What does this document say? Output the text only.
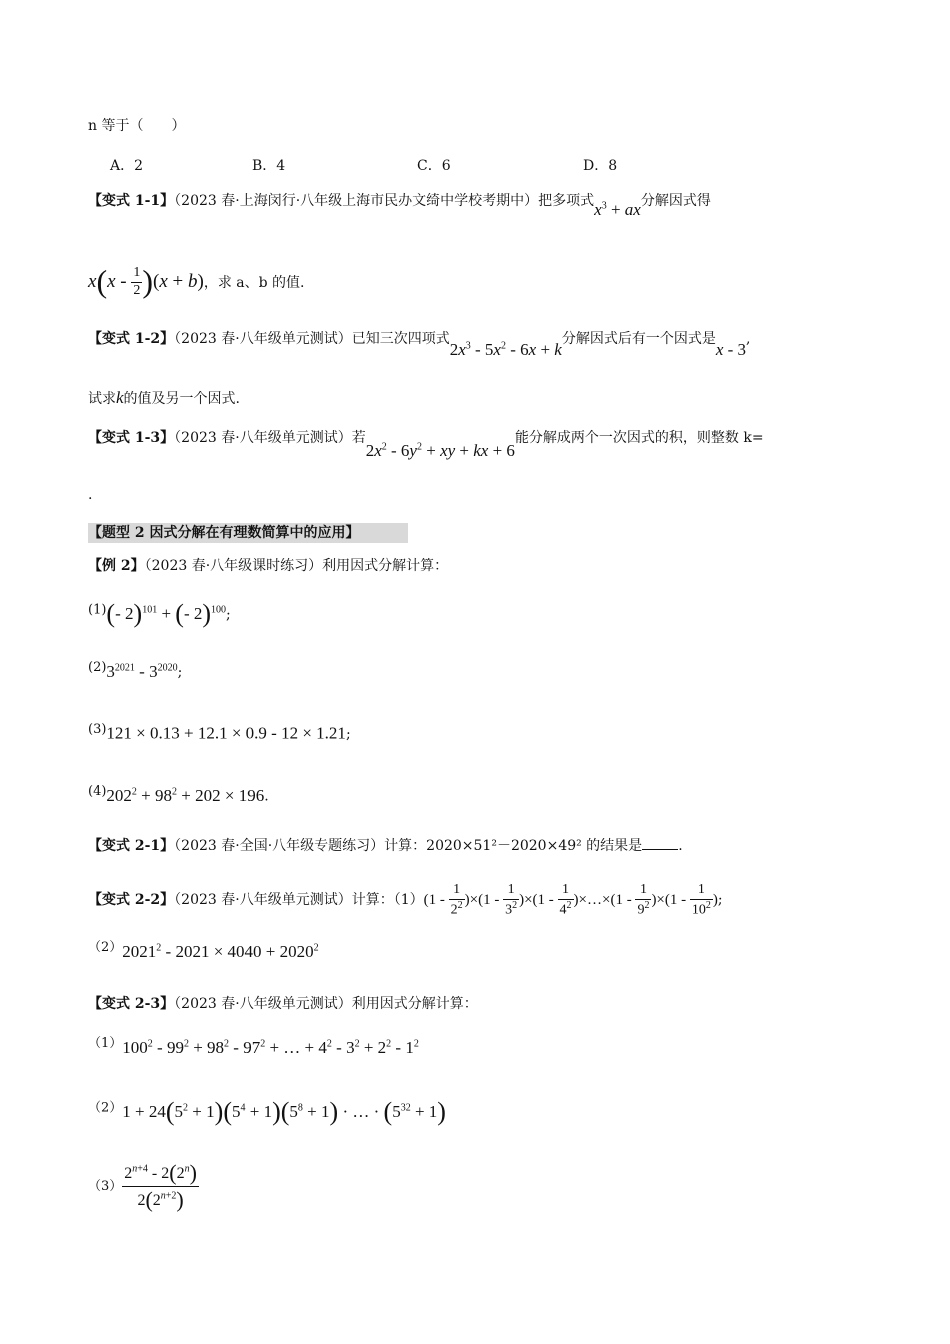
n 等于（　　）
A．2	B．4	C．6	D．8
【变式 1-1】（2023 春·上海闵行·八年级上海市民办文绮中学校考期中）把多项式$x^3$ + ax分解因式得
$x(x - \frac{1}{2} )(x + b)$，求 a、b 的值.
【变式 1-2】（2023 春·八年级单元测试）已知三次四项式$2x^3 - 5x^2 - 6x + k$分解因式后有一个因式是x - 3,
试求k的值及另一个因式.
【变式 1-3】（2023 春·八年级单元测试）若$2x^2 - 6y^2$ + xy + kx + 6能分解成两个一次因式的积，则整数 k=
.
【题型 2 因式分解在有理数简算中的应用】
【例 2】（2023 春·八年级课时练习）利用因式分解计算：
(1)(- 2)$^{101}$ + (- 2)$^{100}$;
$(2)3^{2021} - 3^{2020}$;
(3)121 × 0.13 + 12.1 × 0.9 - 12 × 1.21;
$(4)202^2 + 98^2 + 202 \times 196$.
【变式 2-1】（2023 春·全国·八年级专题练习）计算：2020×51²－2020×49² 的结果是	.
【变式 2-2】（2023 春·八年级单元测试）计算：$(1)(1 - \frac{1}{2^2} )\times(1 - \frac{1}{3^2} )\times(1 - \frac{1}{4^2}$ )×…×(1 - $\frac{1}{9^2} )\times(1 - \frac{1}{10^2}$ );
$(2)2021^2 - 2021 \times 4040 + 2020^2$
【变式 2-3】（2023 春·八年级单元测试）利用因式分解计算：
$(1)100^2 - 99^2 + 98^2 - 97^2$ + … + $4^2 - 3^2 + 2^2 - 1^2$
$(2)1 + 24(5^2 + 1)(5^4 + 1)(5^8 + 1)$ · … · $(5^{32} + 1)$
$(3) \frac{2^{n+4} - 2(2^n)}{2(2^{n+2})}$
